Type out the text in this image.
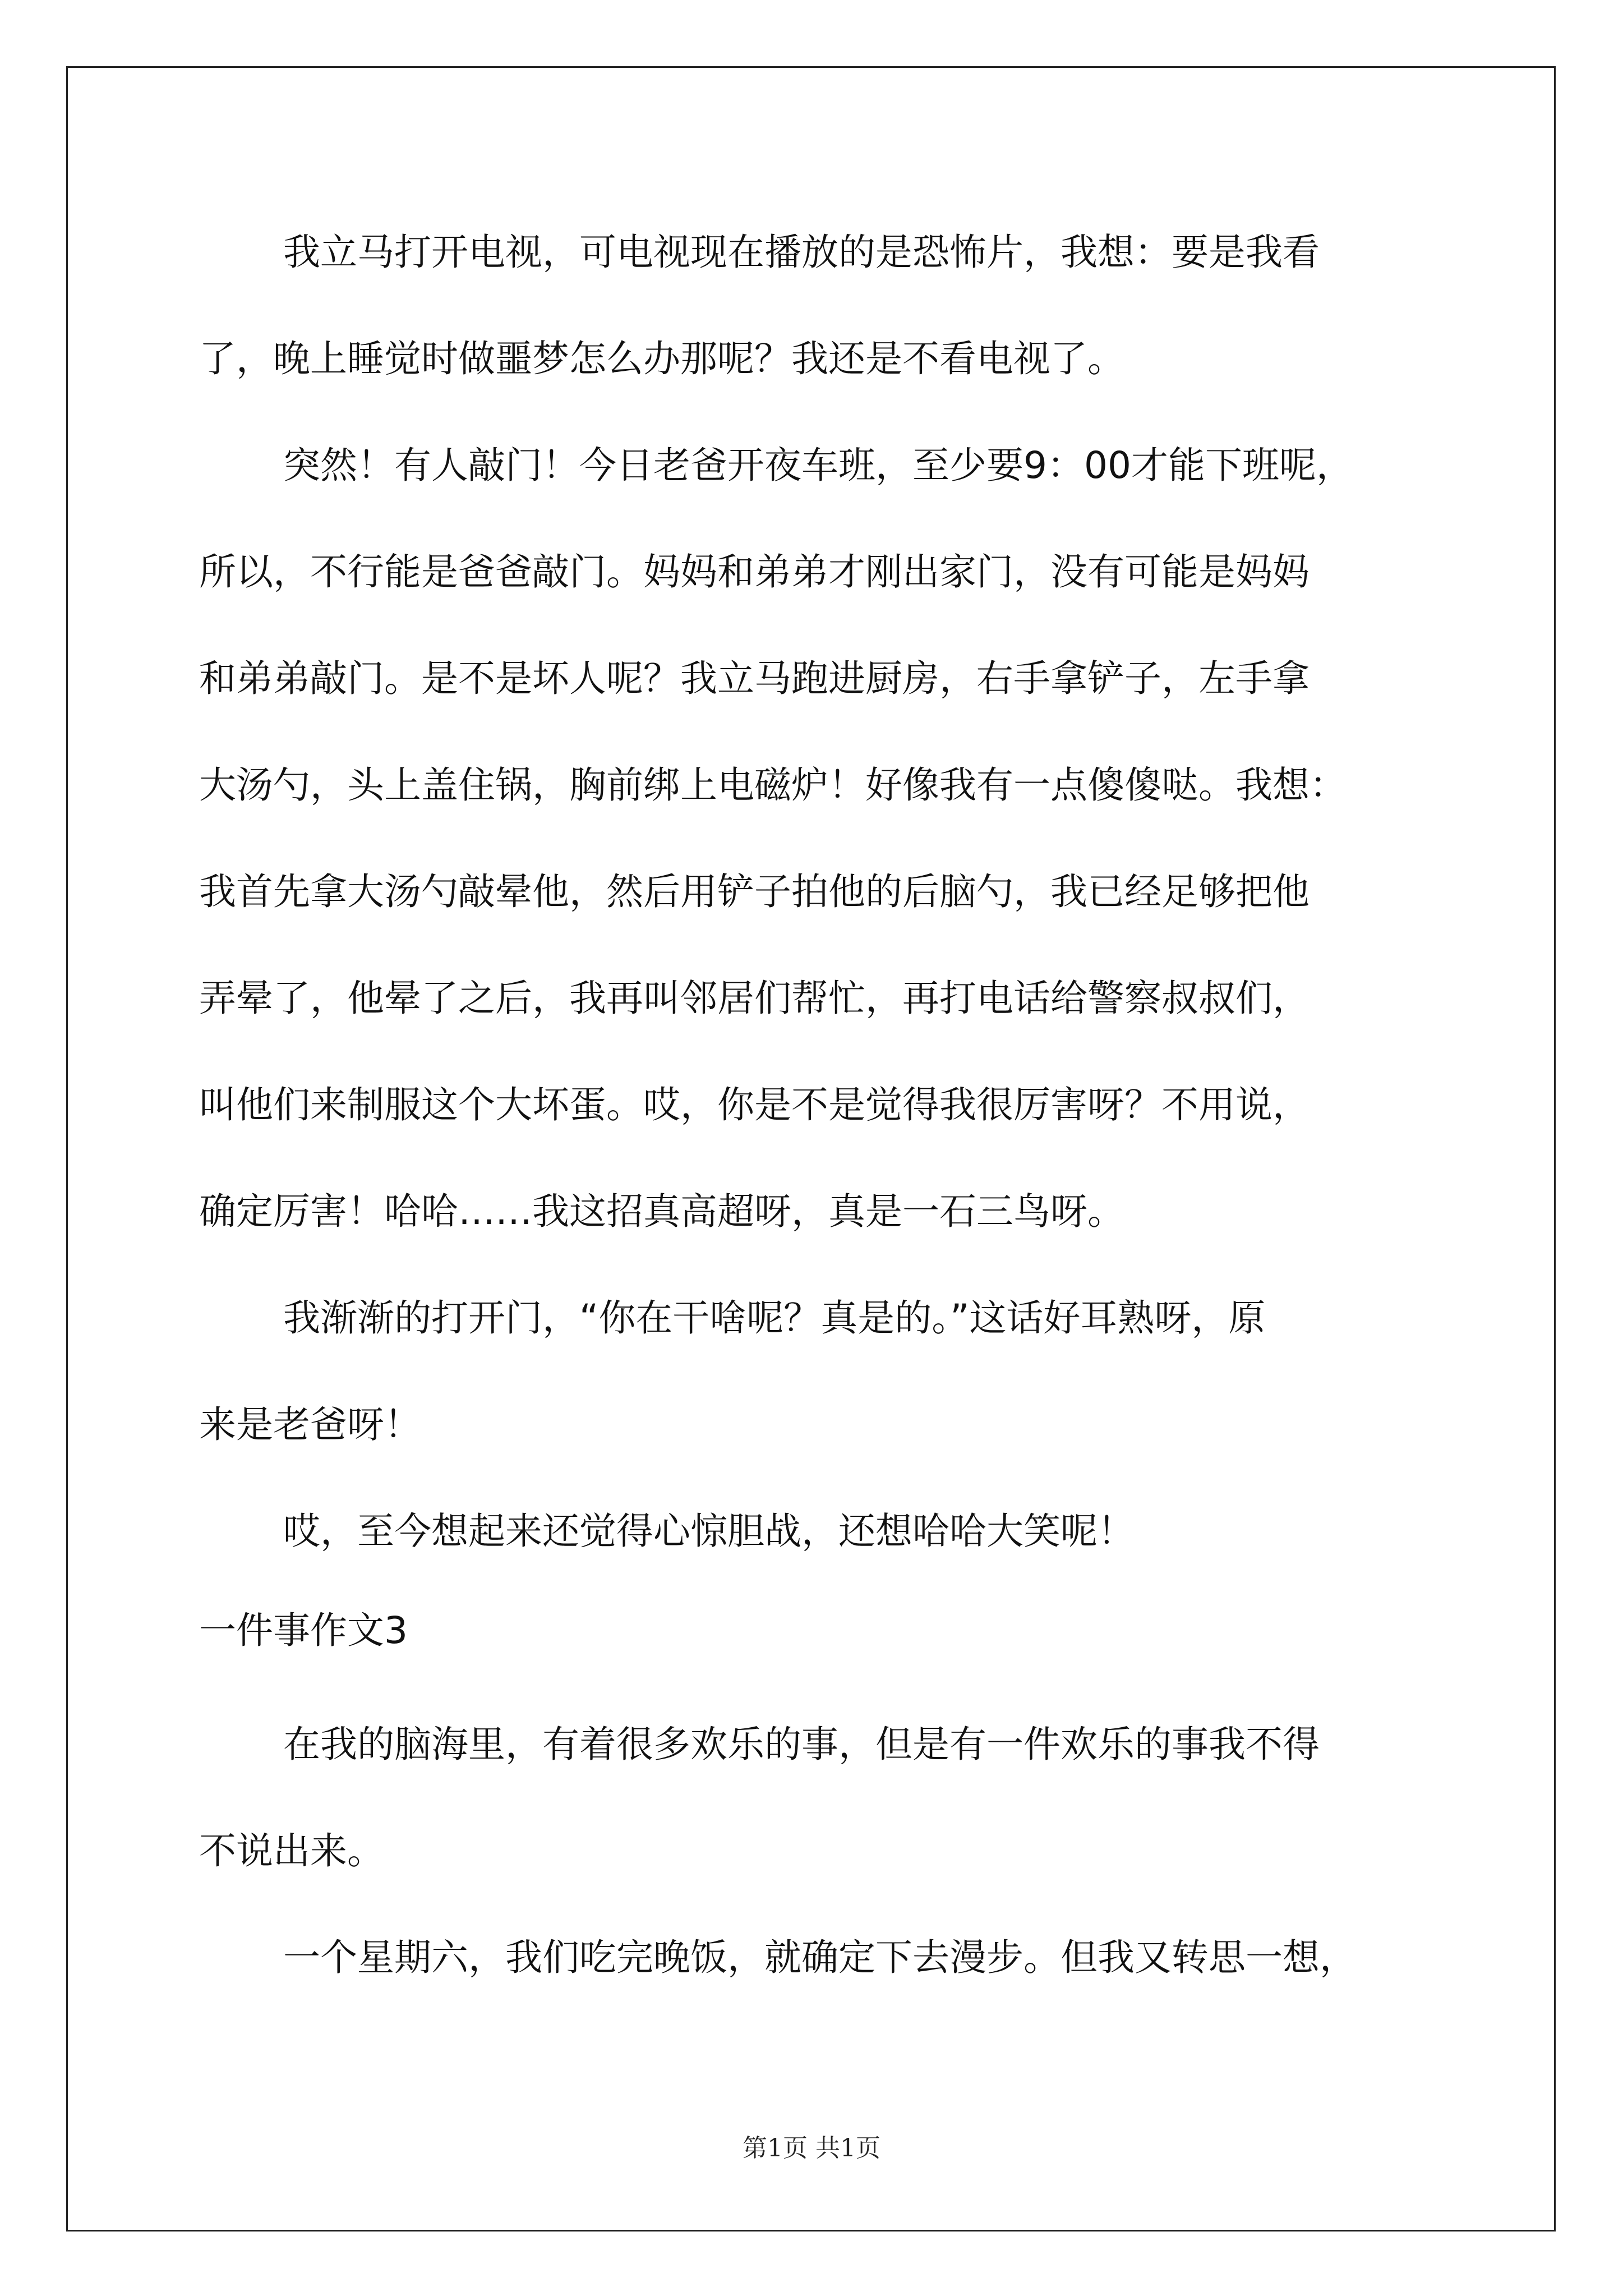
我立马打开电视，可电视现在播放的是恐怖片，我想：要是我看
了，晚上睡觉时做噩梦怎么办那呢？我还是不看电视了。
突然！有人敲门！今日老爸开夜车班，至少要9：00才能下班呢，
所以，不行能是爸爸敲门。妈妈和弟弟才刚出家门，没有可能是妈妈
和弟弟敲门。是不是坏人呢？我立马跑进厨房，右手拿铲子，左手拿
大汤勺，头上盖住锅，胸前绑上电磁炉！好像我有一点傻傻哒。我想：
我首先拿大汤勺敲晕他，然后用铲子拍他的后脑勺，我已经足够把他
弄晕了，他晕了之后，我再叫邻居们帮忙，再打电话给警察叔叔们，
叫他们来制服这个大坏蛋。哎，你是不是觉得我很厉害呀？不用说，
确定厉害！哈哈……我这招真高超呀，真是一石三鸟呀。
我渐渐的打开门，“你在干啥呢？真是的。”这话好耳熟呀，原
来是老爸呀！
哎，至今想起来还觉得心惊胆战，还想哈哈大笑呢！
一件事作文3
在我的脑海里，有着很多欢乐的事，但是有一件欢乐的事我不得
不说出来。
一个星期六，我们吃完晚饭，就确定下去漫步。但我又转思一想，
第1页 共1页
